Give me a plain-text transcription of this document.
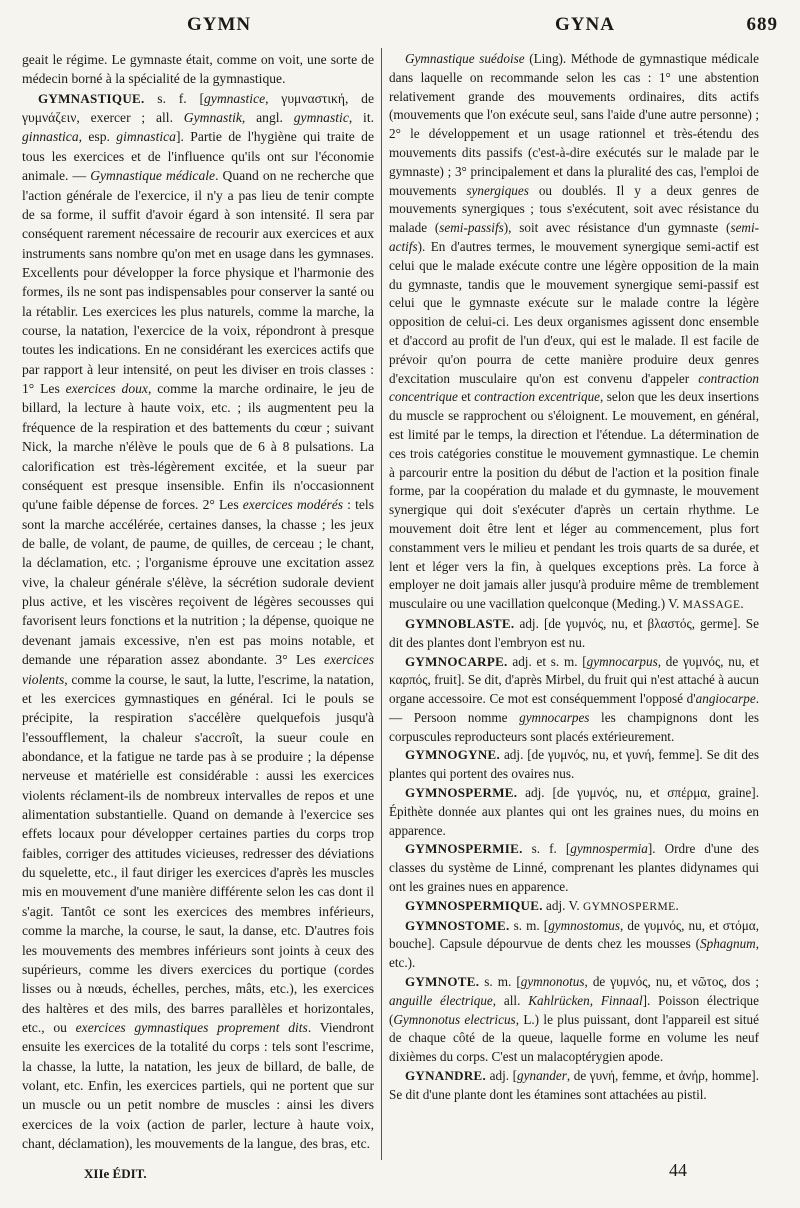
GYMN	GYNA	689

geait le régime. Le gymnaste était, comme on voit, une sorte de médecin borné à la spécialité de la gymnastique.

GYMNASTIQUE. s. f. [gymnastice, γυμναστική, de γυμνάζειν, exercer ; all. Gymnastik, angl. gymnastic, it. ginnastica, esp. gimnastica]. Partie de l'hygiène qui traite de tous les exercices et de l'influence qu'ils ont sur l'économie animale. — Gymnastique médicale. Quand on ne recherche que l'action générale de l'exercice, il n'y a pas lieu de tenir compte de sa forme, il suffit d'avoir égard à son intensité. Il sera par conséquent rarement nécessaire de recourir aux exercices et aux instruments sans nombre qu'on met en usage dans les gymnases. Excellents pour développer la force physique et l'harmonie des formes, ils ne sont pas indispensables pour conserver la santé ou la rétablir. Les exercices les plus naturels, comme la marche, la course, la natation, l'exercice de la voix, répondront à presque toutes les indications. En ne considérant les exercices actifs que par rapport à leur intensité, on peut les diviser en trois classes : 1° Les exercices doux, comme la marche ordinaire, le jeu de billard, la lecture à haute voix, etc. ; ils augmentent peu la fréquence de la respiration et des battements du cœur ; suivant Nick, la marche n'élève le pouls que de 6 à 8 pulsations. La calorification est très-légèrement excitée, et la sueur par conséquent est presque insensible. Enfin ils n'occasionnent qu'une faible dépense de forces. 2° Les exercices modérés : tels sont la marche accélérée, certaines danses, la chasse ; les jeux de balle, de volant, de paume, de quilles, de cerceau ; le chant, la déclamation, etc. ; l'organisme éprouve une excitation assez vive, la chaleur générale s'élève, la sécrétion sudorale devient plus active, et les viscères reçoivent de légères secousses qui favorisent leurs fonctions et la nutrition ; la dépense, quoique ne devenant jamais excessive, n'en est pas moins notable, et demande une réparation assez abondante. 3° Les exercices violents, comme la course, le saut, la lutte, l'escrime, la natation, et les exercices gymnastiques en général. Ici le pouls se précipite, la respiration s'accélère quelquefois jusqu'à l'essoufflement, la chaleur s'accroît, la sueur coule en abondance, et la fatigue ne tarde pas à se produire ; la dépense nerveuse et matérielle est considérable : aussi les exercices violents réclament-ils de nombreux intervalles de repos et une alimentation substantielle. Quand on demande à l'exercice ses effets locaux pour développer certaines parties du corps trop faibles, corriger des attitudes vicieuses, redresser des déviations du squelette, etc., il faut diriger les exercices d'après les muscles mis en mouvement d'une manière différente selon les cas dont il s'agit. Tantôt ce sont les exercices des membres inférieurs, comme la marche, la course, le saut, la danse, etc. D'autres fois les mouvements des membres inférieurs sont joints à ceux des supérieurs, comme les divers exercices du portique (cordes lisses ou à nœuds, échelles, perches, mâts, etc.), les exercices des haltères et des mils, des barres parallèles et horizontales, etc., ou exercices gymnastiques proprement dits. Viendront ensuite les exercices de la totalité du corps : tels sont l'escrime, la chasse, la lutte, la natation, les jeux de billard, de balle, de volant, etc. Enfin, les exercices partiels, qui ne portent que sur un muscle ou un petit nombre de muscles : ainsi les divers exercices de la voix (action de parler, lecture à haute voix, chant, déclamation), les mouvements de la langue, des bras, etc.

Gymnastique suédoise (Ling). Méthode de gymnastique médicale dans laquelle on recommande selon les cas : 1° une abstention relativement grande des mouvements ordinaires, dits actifs (mouvements que l'on exécute seul, sans l'aide d'une autre personne) ; 2° le développement et un usage rationnel et très-étendu des mouvements dits passifs (c'est-à-dire exécutés sur le malade par le gymnaste) ; 3° principalement et dans la pluralité des cas, l'emploi de mouvements synergiques ou doublés. Il y a deux genres de mouvements synergiques ; tous s'exécutent, soit avec résistance du malade (semi-passifs), soit avec résistance d'un gymnaste (semi-actifs). En d'autres termes, le mouvement synergique semi-actif est celui que le malade exécute contre une légère opposition de la main du gymnaste, tandis que le mouvement synergique semi-passif est celui que le gymnaste exécute sur le malade contre la légère opposition de celui-ci. Les deux organismes agissent donc ensemble et d'accord au profit de l'un d'eux, qui est le malade. Il est facile de prévoir qu'on pourra de cette manière produire deux genres d'excitation musculaire qu'on est convenu d'appeler contraction concentrique et contraction excentrique, selon que les deux insertions du muscle se rapprochent ou s'éloignent. Le mouvement, en général, est limité par le temps, la direction et l'étendue. La détermination de ces trois catégories constitue le mouvement gymnastique. Le chemin à parcourir entre la position du début de l'action et la position finale forme, par la coopération du malade et du gymnaste, le mouvement synergique qui doit s'exécuter d'après un certain rhythme. Le mouvement doit être lent et léger au commencement, plus fort constamment vers le milieu et pendant les trois quarts de sa durée, et lent et léger vers la fin, à quelques exceptions près. La force à employer ne doit jamais aller jusqu'à produire même de tremblement musculaire ou une vacillation quelconque (Meding.) V. MASSAGE.

GYMNOBLASTE. adj. [de γυμνός, nu, et βλαστός, germe]. Se dit des plantes dont l'embryon est nu.

GYMNOCARPE. adj. et s. m. [gymnocarpus, de γυμνός, nu, et καρπός, fruit]. Se dit, d'après Mirbel, du fruit qui n'est attaché à aucun organe accessoire. Ce mot est conséquemment l'opposé d'angiocarpe. — Persoon nomme gymnocarpes les champignons dont les corpuscules reproducteurs sont placés extérieurement.

GYMNOGYNE. adj. [de γυμνός, nu, et γυνή, femme]. Se dit des plantes qui portent des ovaires nus.

GYMNOSPERME. adj. [de γυμνός, nu, et σπέρμα, graine]. Épithète donnée aux plantes qui ont les graines nues, du moins en apparence.

GYMNOSPERMIE. s. f. [gymnospermia]. Ordre d'une des classes du système de Linné, comprenant les plantes didynames qui ont les graines nues en apparence.

GYMNOSPERMIQUE. adj. V. GYMNOSPERME.

GYMNOSTOME. s. m. [gymnostomus, de γυμνός, nu, et στόμα, bouche]. Capsule dépourvue de dents chez les mousses (Sphagnum, etc.).

GYMNOTE. s. m. [gymnonotus, de γυμνός, nu, et νῶτος, dos ; anguille électrique, all. Kahlrücken, Finnaal]. Poisson électrique (Gymnonotus electricus, L.) le plus puissant, dont l'appareil est situé de chaque côté de la queue, laquelle forme en volume les neuf dixièmes du corps. C'est un malacoptérygien apode.

GYNANDRE. adj. [gynander, de γυνή, femme, et ἀνήρ, homme]. Se dit d'une plante dont les étamines sont attachées au pistil.

XIIe ÉDIT.	44
